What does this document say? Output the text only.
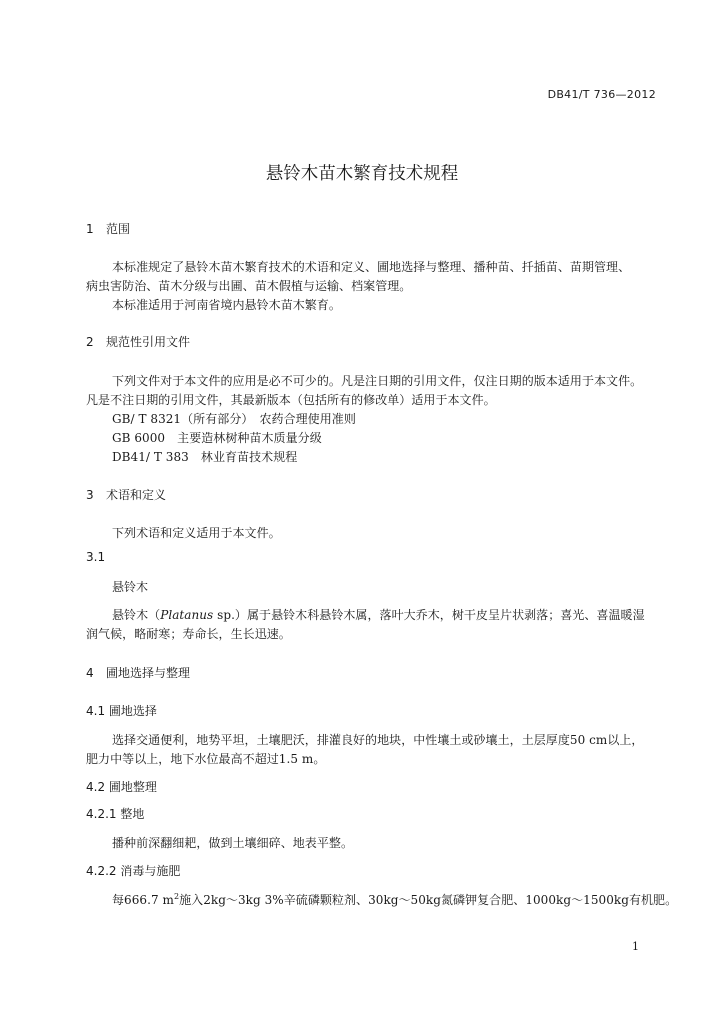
DB41/T 736—2012
悬铃木苗木繁育技术规程
1 范围
本标准规定了悬铃木苗木繁育技术的术语和定义、圃地选择与整理、播种苗、扦插苗、苗期管理、
病虫害防治、苗木分级与出圃、苗木假植与运输、档案管理。
本标准适用于河南省境内悬铃木苗木繁育。
2 规范性引用文件
下列文件对于本文件的应用是必不可少的。凡是注日期的引用文件，仅注日期的版本适用于本文件。
凡是不注日期的引用文件，其最新版本（包括所有的修改单）适用于本文件。
GB/ T 8321（所有部分）　农药合理使用准则
GB 6000　主要造林树种苗木质量分级
DB41/ T 383　林业育苗技术规程
3 术语和定义
下列术语和定义适用于本文件。
3.1
悬铃木
悬铃木（Platanus sp.）属于悬铃木科悬铃木属，落叶大乔木，树干皮呈片状剥落；喜光、喜温暖湿
润气候，略耐寒；寿命长，生长迅速。
4 圃地选择与整理
4.1 圃地选择
选择交通便利，地势平坦，土壤肥沃，排灌良好的地块，中性壤土或砂壤土，土层厚度50 cm以上，
肥力中等以上，地下水位最高不超过1.5 m。
4.2 圃地整理
4.2.1 整地
播种前深翻细耙，做到土壤细碎、地表平整。
4.2.2 消毒与施肥
每666.7 $m^2$施入2kg～3kg 3%辛硫磷颗粒剂、30kg～50kg氮磷钾复合肥、1000kg～1500kg有机肥。
1
